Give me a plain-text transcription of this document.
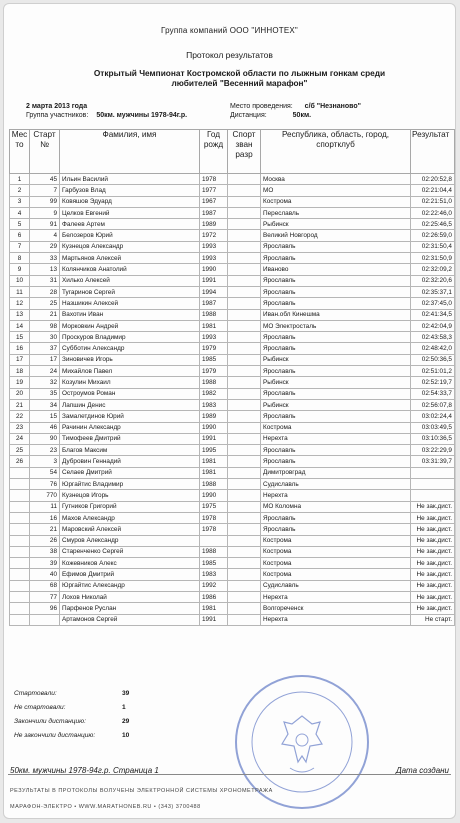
Группа компаний ООО "ИННОТЕХ"
Протокол результатов
Открытый Чемпионат Костромской области по лыжным гонкам среди
любителей "Весенний марафон"
2 марта 2013 года
Группа участников: 50км. мужчины 1978-94г.р.
Место проведения: с/б "Незнаново"
Дистанция:	50км.
Мес то	Старт №	Фамилия, имя	Год рожд	Спорт зван разр	Республика, область, город, спортклуб	Результат
1	45	Ильин Василий	1978		Москва	02:20:52,8
2	7	Гарбузов Влад	1977		МО	02:21:04,4
3	99	Ковяшов Эдуард	1967		Кострома	02:21:51,0
4	9	Целков Евгений	1987		Переславль	02:22:46,0
5	91	Фалеев Артем	1989		Рыбинск	02:25:46,5
6	4	Белозеров Юрий	1972		Великий Новгород	02:26:59,0
7	29	Кузнецов Александр	1993		Ярославль	02:31:50,4
8	33	Мартьянов Алексей	1993		Ярославль	02:31:50,9
9	13	Колянчиков Анатолий	1990		Иваново	02:32:09,2
10	31	Хилько Алексей	1991		Ярославль	02:32:20,6
11	28	Тугаринов Сергей	1994		Ярославль	02:35:37,1
12	25	Назшикин Алексей	1987		Ярославль	02:37:45,0
13	21	Вахотин Иван	1988		Иван.обл Кинешма	02:41:34,5
14	98	Морковкин Андрей	1981		МО Электросталь	02:42:04,9
15	30	Проскуров Владимир	1993		Ярославль	02:43:58,3
16	37	Субботин Александр	1979		Ярославль	02:48:42,0
17	17	Зиновичев Игорь	1985		Рыбинск	02:50:36,5
18	24	Михайлов Павел	1979		Ярославль	02:51:01,2
19	32	Козулин Михаил	1988		Рыбинск	02:52:19,7
20	35	Остроумов Роман	1982		Ярославль	02:54:33,7
21	34	Лапшин Денис	1983		Рыбинск	02:56:07,8
22	15	Замалетдинов Юрий	1989		Ярославль	03:02:24,4
23	46	Рачинин Александр	1990		Кострома	03:03:49,5
24	90	Тимофеев Дмитрий	1991		Нерехта	03:10:36,5
25	23	Благов Максим	1995		Ярославль	03:22:29,9
26	3	Дубровин Геннадий	1981		Ярославль	03:31:39,7
	54	Селаев Дмитрий	1981		Димитровград	
	76	Юргайтис Владимир	1988		Судиславль	
	770	Кузнецов Игорь	1990		Нерехта	
	11	Гутников Григорий	1975		МО Коломна	Не зак.дист.
	16	Махов Александр	1978		Ярославль	Не зак.дист.
	21	Маровский Алексей	1978		Ярославль	Не зак.дист.
	26	Смуров Александр			Кострома	Не зак.дист.
	38	Старенченко Сергей	1988		Кострома	Не зак.дист.
	39	Кожевников Алекс	1985		Кострома	Не зак.дист.
	40	Ефимов Дмитрий	1983		Кострома	Не зак.дист.
	68	Юргайтис Александр	1992		Судиславль	Не зак.дист.
	77	Лохов Николай	1986		Нерехта	Не зак.дист.
	96	Парфенов Руслан	1981		Волгореченск	Не зак.дист.
		Артамонов Сергей	1991		Нерехта	Не старт.
Стартовали:	39
Не стартовали:	1
Закончили дистанцию:	29
Не закончили дистанцию:	10
50км. мужчины 1978-94г.р. Страница 1	Дата создани
РЕЗУЛЬТАТЫ В ПРОТОКОЛЫ ВОЛУЧЕНЫ ЭЛЕКТРОННОЙ СИСТЕМЫ ХРОНОМЕТРАЖА
МАРАФОН-ЭЛЕКТРО • WWW.MARATHONEB.RU • (343) 3700488
